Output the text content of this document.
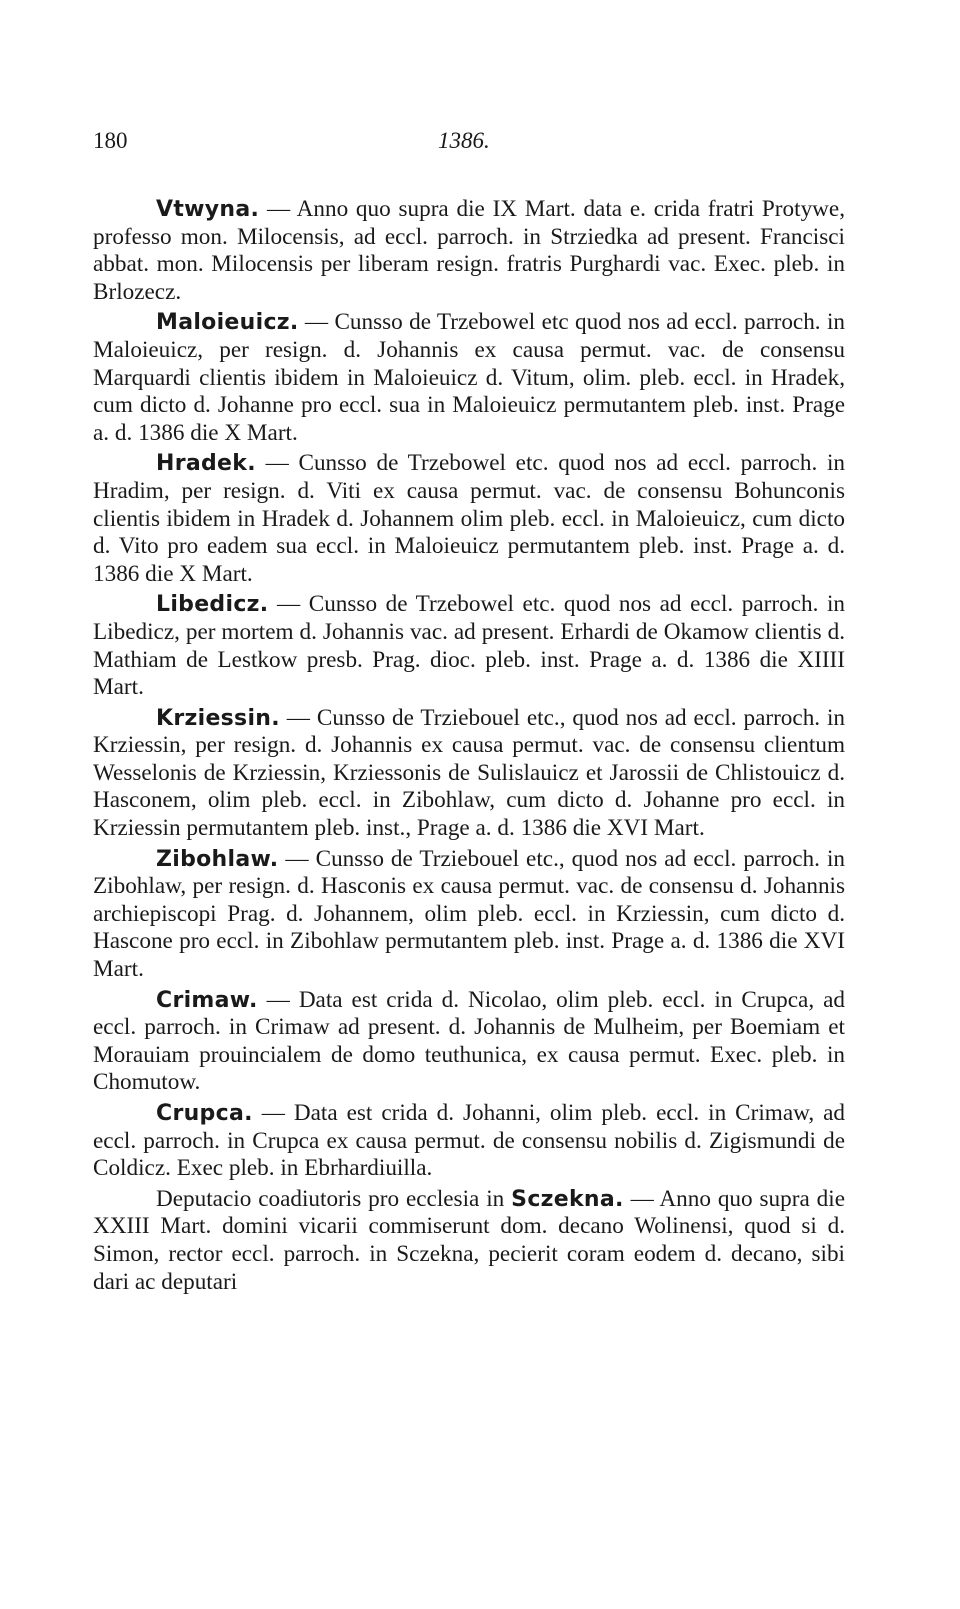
180	1386.

Vtwyna. — Anno quo supra die IX Mart. data e. crida fratri Protywe, professo mon. Milocensis, ad eccl. parroch. in Strziedka ad present. Francisci abbat. mon. Milocensis per liberam resign. fratris Purghardi vac. Exec. pleb. in Brlozecz.

Maloieuicz. — Cunsso de Trzebowel etc quod nos ad eccl. parroch. in Maloieuicz, per resign. d. Johannis ex causa permut. vac. de consensu Marquardi clientis ibidem in Maloieuicz d. Vitum, olim. pleb. eccl. in Hradek, cum dicto d. Johanne pro eccl. sua in Maloieuicz permutantem pleb. inst. Prage a. d. 1386 die X Mart.

Hradek. — Cunsso de Trzebowel etc. quod nos ad eccl. parroch. in Hradim, per resign. d. Viti ex causa permut. vac. de consensu Bohunconis clientis ibidem in Hradek d. Johannem olim pleb. eccl. in Maloieuicz, cum dicto d. Vito pro eadem sua eccl. in Maloieuicz permutantem pleb. inst. Prage a. d. 1386 die X Mart.

Libedicz. — Cunsso de Trzebowel etc. quod nos ad eccl. parroch. in Libedicz, per mortem d. Johannis vac. ad present. Erhardi de Okamow clientis d. Mathiam de Lestkow presb. Prag. dioc. pleb. inst. Prage a. d. 1386 die XIIII Mart.

Krziessin. — Cunsso de Trziebouel etc., quod nos ad eccl. parroch. in Krziessin, per resign. d. Johannis ex causa permut. vac. de consensu clientum Wesselonis de Krziessin, Krziessonis de Sulislauicz et Jarossii de Chlistouicz d. Hasconem, olim pleb. eccl. in Zibohlaw, cum dicto d. Johanne pro eccl. in Krziessin permutantem pleb. inst., Prage a. d. 1386 die XVI Mart.

Zibohlaw. — Cunsso de Trziebouel etc., quod nos ad eccl. parroch. in Zibohlaw, per resign. d. Hasconis ex causa permut. vac. de consensu d. Johannis archiepiscopi Prag. d. Johannem, olim pleb. eccl. in Krziessin, cum dicto d. Hascone pro eccl. in Zibohlaw permutantem pleb. inst. Prage a. d. 1386 die XVI Mart.

Crimaw. — Data est crida d. Nicolao, olim pleb. eccl. in Crupca, ad eccl. parroch. in Crimaw ad present. d. Johannis de Mulheim, per Boemiam et Morauiam prouincialem de domo teuthunica, ex causa permut. Exec. pleb. in Chomutow.

Crupca. — Data est crida d. Johanni, olim pleb. eccl. in Crimaw, ad eccl. parroch. in Crupca ex causa permut. de consensu nobilis d. Zigismundi de Coldicz. Exec pleb. in Ebrhardiuilla.

Deputacio coadiutoris pro ecclesia in Sczekna. — Anno quo supra die XXIII Mart. domini vicarii commiserunt dom. decano Wolinensi, quod si d. Simon, rector eccl. parroch. in Sczekna, pecierit coram eodem d. decano, sibi dari ac deputari
